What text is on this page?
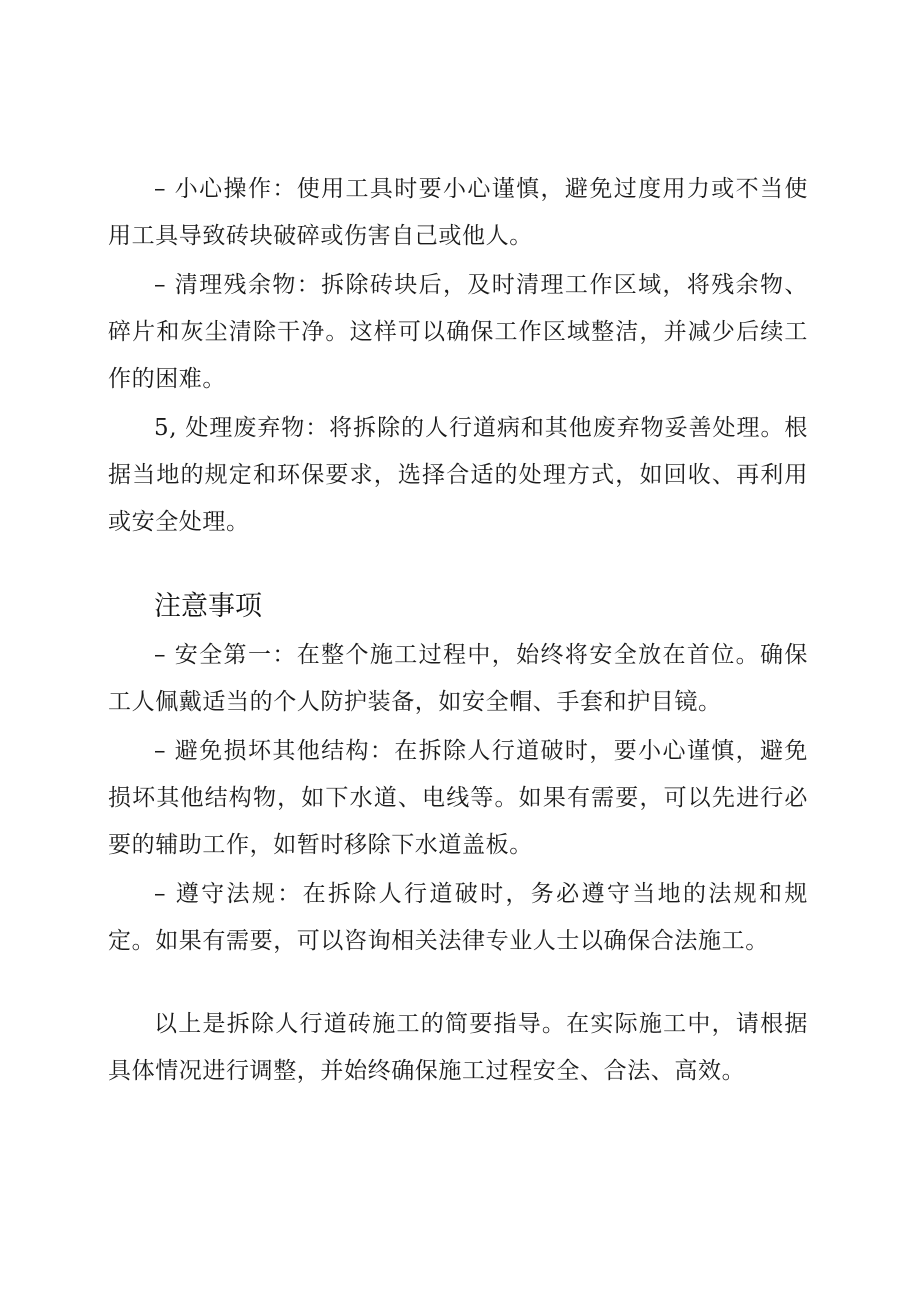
– 小心操作：使用工具时要小心谨慎，避免过度用力或不当使用工具导致砖块破碎或伤害自己或他人。

– 清理残余物：拆除砖块后，及时清理工作区域，将残余物、碎片和灰尘清除干净。这样可以确保工作区域整洁，并减少后续工作的困难。

5, 处理废弃物：将拆除的人行道病和其他废弃物妥善处理。根据当地的规定和环保要求，选择合适的处理方式，如回收、再利用或安全处理。

注意事项

– 安全第一：在整个施工过程中，始终将安全放在首位。确保工人佩戴适当的个人防护装备，如安全帽、手套和护目镜。

– 避免损坏其他结构：在拆除人行道破时，要小心谨慎，避免损坏其他结构物，如下水道、电线等。如果有需要，可以先进行必要的辅助工作，如暂时移除下水道盖板。

– 遵守法规：在拆除人行道破时，务必遵守当地的法规和规定。如果有需要，可以咨询相关法律专业人士以确保合法施工。

以上是拆除人行道砖施工的简要指导。在实际施工中，请根据具体情况进行调整，并始终确保施工过程安全、合法、高效。
